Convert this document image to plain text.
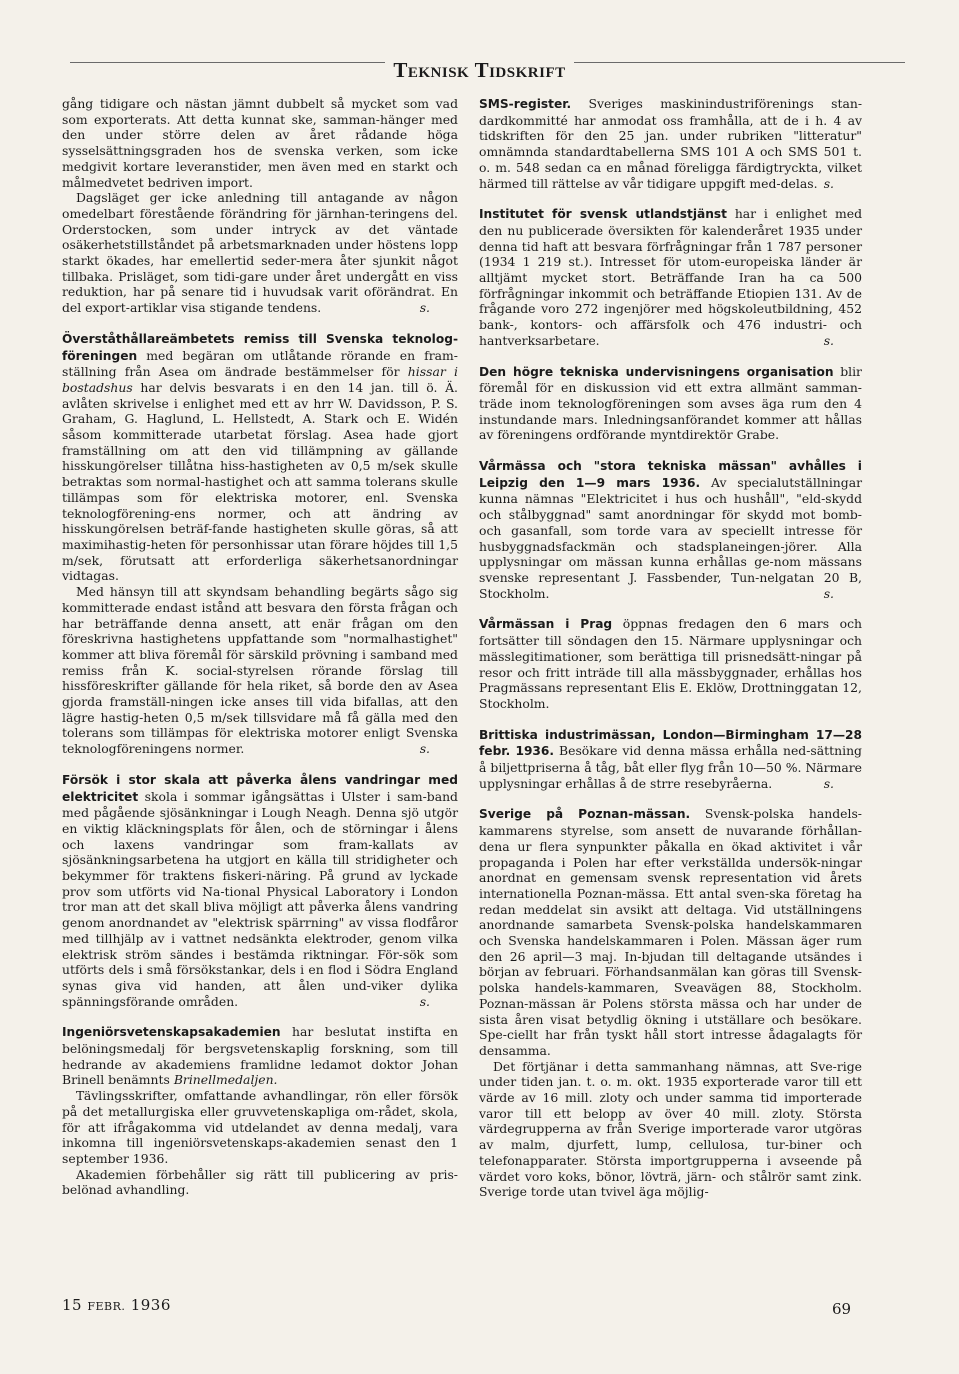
Teknisk Tidskrift

gång tidigare och nästan jämnt dubbelt så mycket som vad som exporterats. Att detta kunnat ske, samman-hänger med den under större delen av året rådande höga sysselsättningsgraden hos de svenska verken, som icke medgivit kortare leveranstider, men även med en starkt och målmedvetet bedriven import.

Dagsläget ger icke anledning till antagande av någon omedelbart förestående förändring för järnhan-teringens del. Orderstocken, som under intryck av det väntade osäkerhetstillståndet på arbetsmarknaden under höstens lopp starkt ökades, har emellertid seder-mera åter sjunkit något tillbaka. Prisläget, som tidi-gare under året undergått en viss reduktion, har på senare tid i huvudsak varit oförändrat. En del export-artiklar visa stigande tendens.	s.

Överståthållareämbetets remiss till Svenska teknolog-föreningen med begäran om utlåtande rörande en fram-ställning från Asea om ändrade bestämmelser för hissar i bostadshus har delvis besvarats i en den 14 jan. till ö. Ä. avlåten skrivelse i enlighet med ett av hrr W. Davidsson, P. S. Graham, G. Haglund, L. Hellstedt, A. Stark och E. Widén såsom kommitterade utarbetat förslag. Asea hade gjort framställning om att den vid tillämpning av gällande hisskungörelser tillåtna hiss-hastigheten av 0,5 m/sek skulle betraktas som normal-hastighet och att samma tolerans skulle tillämpas som för elektriska motorer, enl. Svenska teknologförening-ens normer, och att ändring av hisskungörelsen beträf-fande hastigheten skulle göras, så att maximihastig-heten för personhissar utan förare höjdes till 1,5 m/sek, förutsatt att erforderliga säkerhetsanordningar vidtagas.

Med hänsyn till att skyndsam behandling begärts sågo sig kommitterade endast istånd att besvara den första frågan och har beträffande denna ansett, att enär frågan om den föreskrivna hastighetens uppfattande som "normalhastighet" kommer att bliva föremål för särskild prövning i samband med remiss från K. social-styrelsen rörande förslag till hissföreskrifter gällande för hela riket, så borde den av Asea gjorda framställ-ningen icke anses till vida bifallas, att den lägre hastig-heten 0,5 m/sek tillsvidare må få gälla med den tolerans som tillämpas för elektriska motorer enligt Svenska teknologföreningens normer.	s.

Försök i stor skala att påverka ålens vandringar med elektricitet skola i sommar igångsättas i Ulster i sam-band med pågående sjösänkningar i Lough Neagh. Denna sjö utgör en viktig kläckningsplats för ålen, och de störningar i ålens och laxens vandringar som fram-kallats av sjösänkningsarbetena ha utgjort en källa till stridigheter och bekymmer för traktens fiskeri-näring. På grund av lyckade prov som utförts vid Na-tional Physical Laboratory i London tror man att det skall bliva möjligt att påverka ålens vandring genom anordnandet av "elektrisk spärrning" av vissa flodfåror med tillhjälp av i vattnet nedsänkta elektroder, genom vilka elektrisk ström sändes i bestämda riktningar. För-sök som utförts dels i små försökstankar, dels i en flod i Södra England synas giva vid handen, att ålen und-viker dylika spänningsförande områden.	s.

Ingeniörsvetenskapsakademien har beslutat instifta en belöningsmedalj för bergsvetenskaplig forskning, som till hedrande av akademiens framlidne ledamot doktor Johan Brinell benämnts Brinellmedaljen.

Tävlingsskrifter, omfattande avhandlingar, rön eller försök på det metallurgiska eller gruvvetenskapliga om-rådet, skola, för att ifrågakomma vid utdelandet av denna medalj, vara inkomna till ingeniörsvetenskaps-akademien senast den 1 september 1936.

Akademien förbehåller sig rätt till publicering av pris-belönad avhandling.

SMS-register. Sveriges maskinindustriförenings stan-dardkommitté har anmodat oss framhålla, att de i h. 4 av tidskriften för den 25 jan. under rubriken "litteratur" omnämnda standardtabellerna SMS 101 A och SMS 501 t. o. m. 548 sedan ca en månad föreligga färdigtryckta, vilket härmed till rättelse av vår tidigare uppgift med-delas. s.

Institutet för svensk utlandstjänst har i enlighet med den nu publicerade översikten för kalenderåret 1935 under denna tid haft att besvara förfrågningar från 1 787 personer (1934 1 219 st.). Intresset för utom-europeiska länder är alltjämt mycket stort. Beträffande Iran ha ca 500 förfrågningar inkommit och beträffande Etiopien 131. Av de frågande voro 272 ingenjörer med högskoleutbildning, 452 bank-, kontors- och affärsfolk och 476 industri- och hantverksarbetare.	s.

Den högre tekniska undervisningens organisation blir föremål för en diskussion vid ett extra allmänt samman-träde inom teknologföreningen som avses äga rum den 4 instundande mars. Inledningsanförandet kommer att hållas av föreningens ordförande myntdirektör Grabe.

Vårmässa och "stora tekniska mässan" avhålles i Leipzig den 1—9 mars 1936. Av specialutställningar kunna nämnas "Elektricitet i hus och hushåll", "eld-skydd och stålbyggnad" samt anordningar för skydd mot bomb- och gasanfall, som torde vara av speciellt intresse för husbyggnadsfackmän och stadsplaneingen-jörer. Alla upplysningar om mässan kunna erhållas ge-nom mässans svenske representant J. Fassbender, Tun-nelgatan 20 B, Stockholm.	s.

Vårmässan i Prag öppnas fredagen den 6 mars och fortsätter till söndagen den 15. Närmare upplysningar och mässlegitimationer, som berättiga till prisnedsätt-ningar på resor och fritt inträde till alla mässbyggnader, erhållas hos Pragmässans representant Elis E. Eklöw, Drottninggatan 12, Stockholm.

Brittiska industrimässan, London—Birmingham 17—28 febr. 1936. Besökare vid denna mässa erhålla ned-sättning å biljettpriserna å tåg, båt eller flyg från 10—50 %. Närmare upplysningar erhållas å de strre resebyråerna.	s.

Sverige på Poznan-mässan. Svensk-polska handels-kammarens styrelse, som ansett de nuvarande förhållan-dena ur flera synpunkter påkalla en ökad aktivitet i vår propaganda i Polen har efter verkställda undersök-ningar anordnat en gemensam svensk representation vid årets internationella Poznan-mässa. Ett antal sven-ska företag ha redan meddelat sin avsikt att deltaga. Vid utställningens anordnande samarbeta Svensk-polska handelskammaren och Svenska handelskammaren i Polen. Mässan äger rum den 26 april—3 maj. In-bjudan till deltagande utsändes i början av februari. Förhandsanmälan kan göras till Svensk-polska handels-kammaren, Sveavägen 88, Stockholm. Poznan-mässan är Polens största mässa och har under de sista åren visat betydlig ökning i utställare och besökare. Spe-ciellt har från tyskt håll stort intresse ådagalagts för densamma.

Det förtjänar i detta sammanhang nämnas, att Sve-rige under tiden jan. t. o. m. okt. 1935 exporterade varor till ett värde av 16 mill. zloty och under samma tid importerade varor till ett belopp av över 40 mill. zloty. Största värdegrupperna av från Sverige importerade varor utgöras av malm, djurfett, lump, cellulosa, tur-biner och telefonapparater. Största importgrupperna i avseende på värdet voro koks, bönor, lövträ, järn- och stålrör samt zink. Sverige torde utan tvivel äga möjlig-

15 FEBR. 1936	69
